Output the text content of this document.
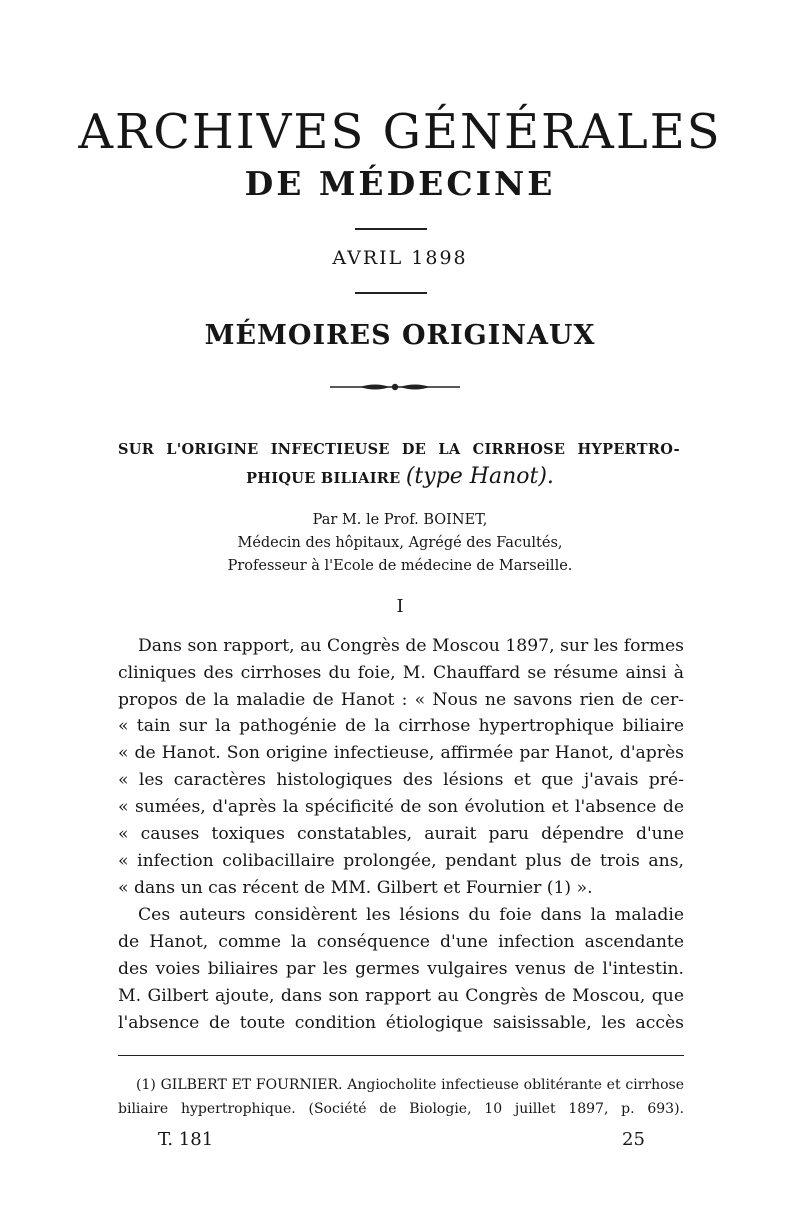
ARCHIVES GÉNÉRALES
DE MÉDECINE
AVRIL 1898
MÉMOIRES ORIGINAUX
SUR L'ORIGINE INFECTIEUSE DE LA CIRRHOSE HYPERTRO-
PHIQUE BILIAIRE (type Hanot).
Par M. le Prof. BOINET,
Médecin des hôpitaux, Agrégé des Facultés,
Professeur à l'Ecole de médecine de Marseille.
I
Dans son rapport, au Congrès de Moscou 1897, sur les formes
cliniques des cirrhoses du foie, M. Chauffard se résume ainsi à
propos de la maladie de Hanot : « Nous ne savons rien de cer-
« tain sur la pathogénie de la cirrhose hypertrophique biliaire
« de Hanot. Son origine infectieuse, affirmée par Hanot, d'après
« les caractères histologiques des lésions et que j'avais pré-
« sumées, d'après la spécificité de son évolution et l'absence de
« causes toxiques constatables, aurait paru dépendre d'une
« infection colibacillaire prolongée, pendant plus de trois ans,
« dans un cas récent de MM. Gilbert et Fournier (1) ».
Ces auteurs considèrent les lésions du foie dans la maladie
de Hanot, comme la conséquence d'une infection ascendante
des voies biliaires par les germes vulgaires venus de l'intestin.
M. Gilbert ajoute, dans son rapport au Congrès de Moscou, que
l'absence de toute condition étiologique saisissable, les accès
(1) GILBERT ET FOURNIER. Angiocholite infectieuse oblitérante et cirrhose
biliaire hypertrophique. (Société de Biologie, 10 juillet 1897, p. 693).
T. 181	25
